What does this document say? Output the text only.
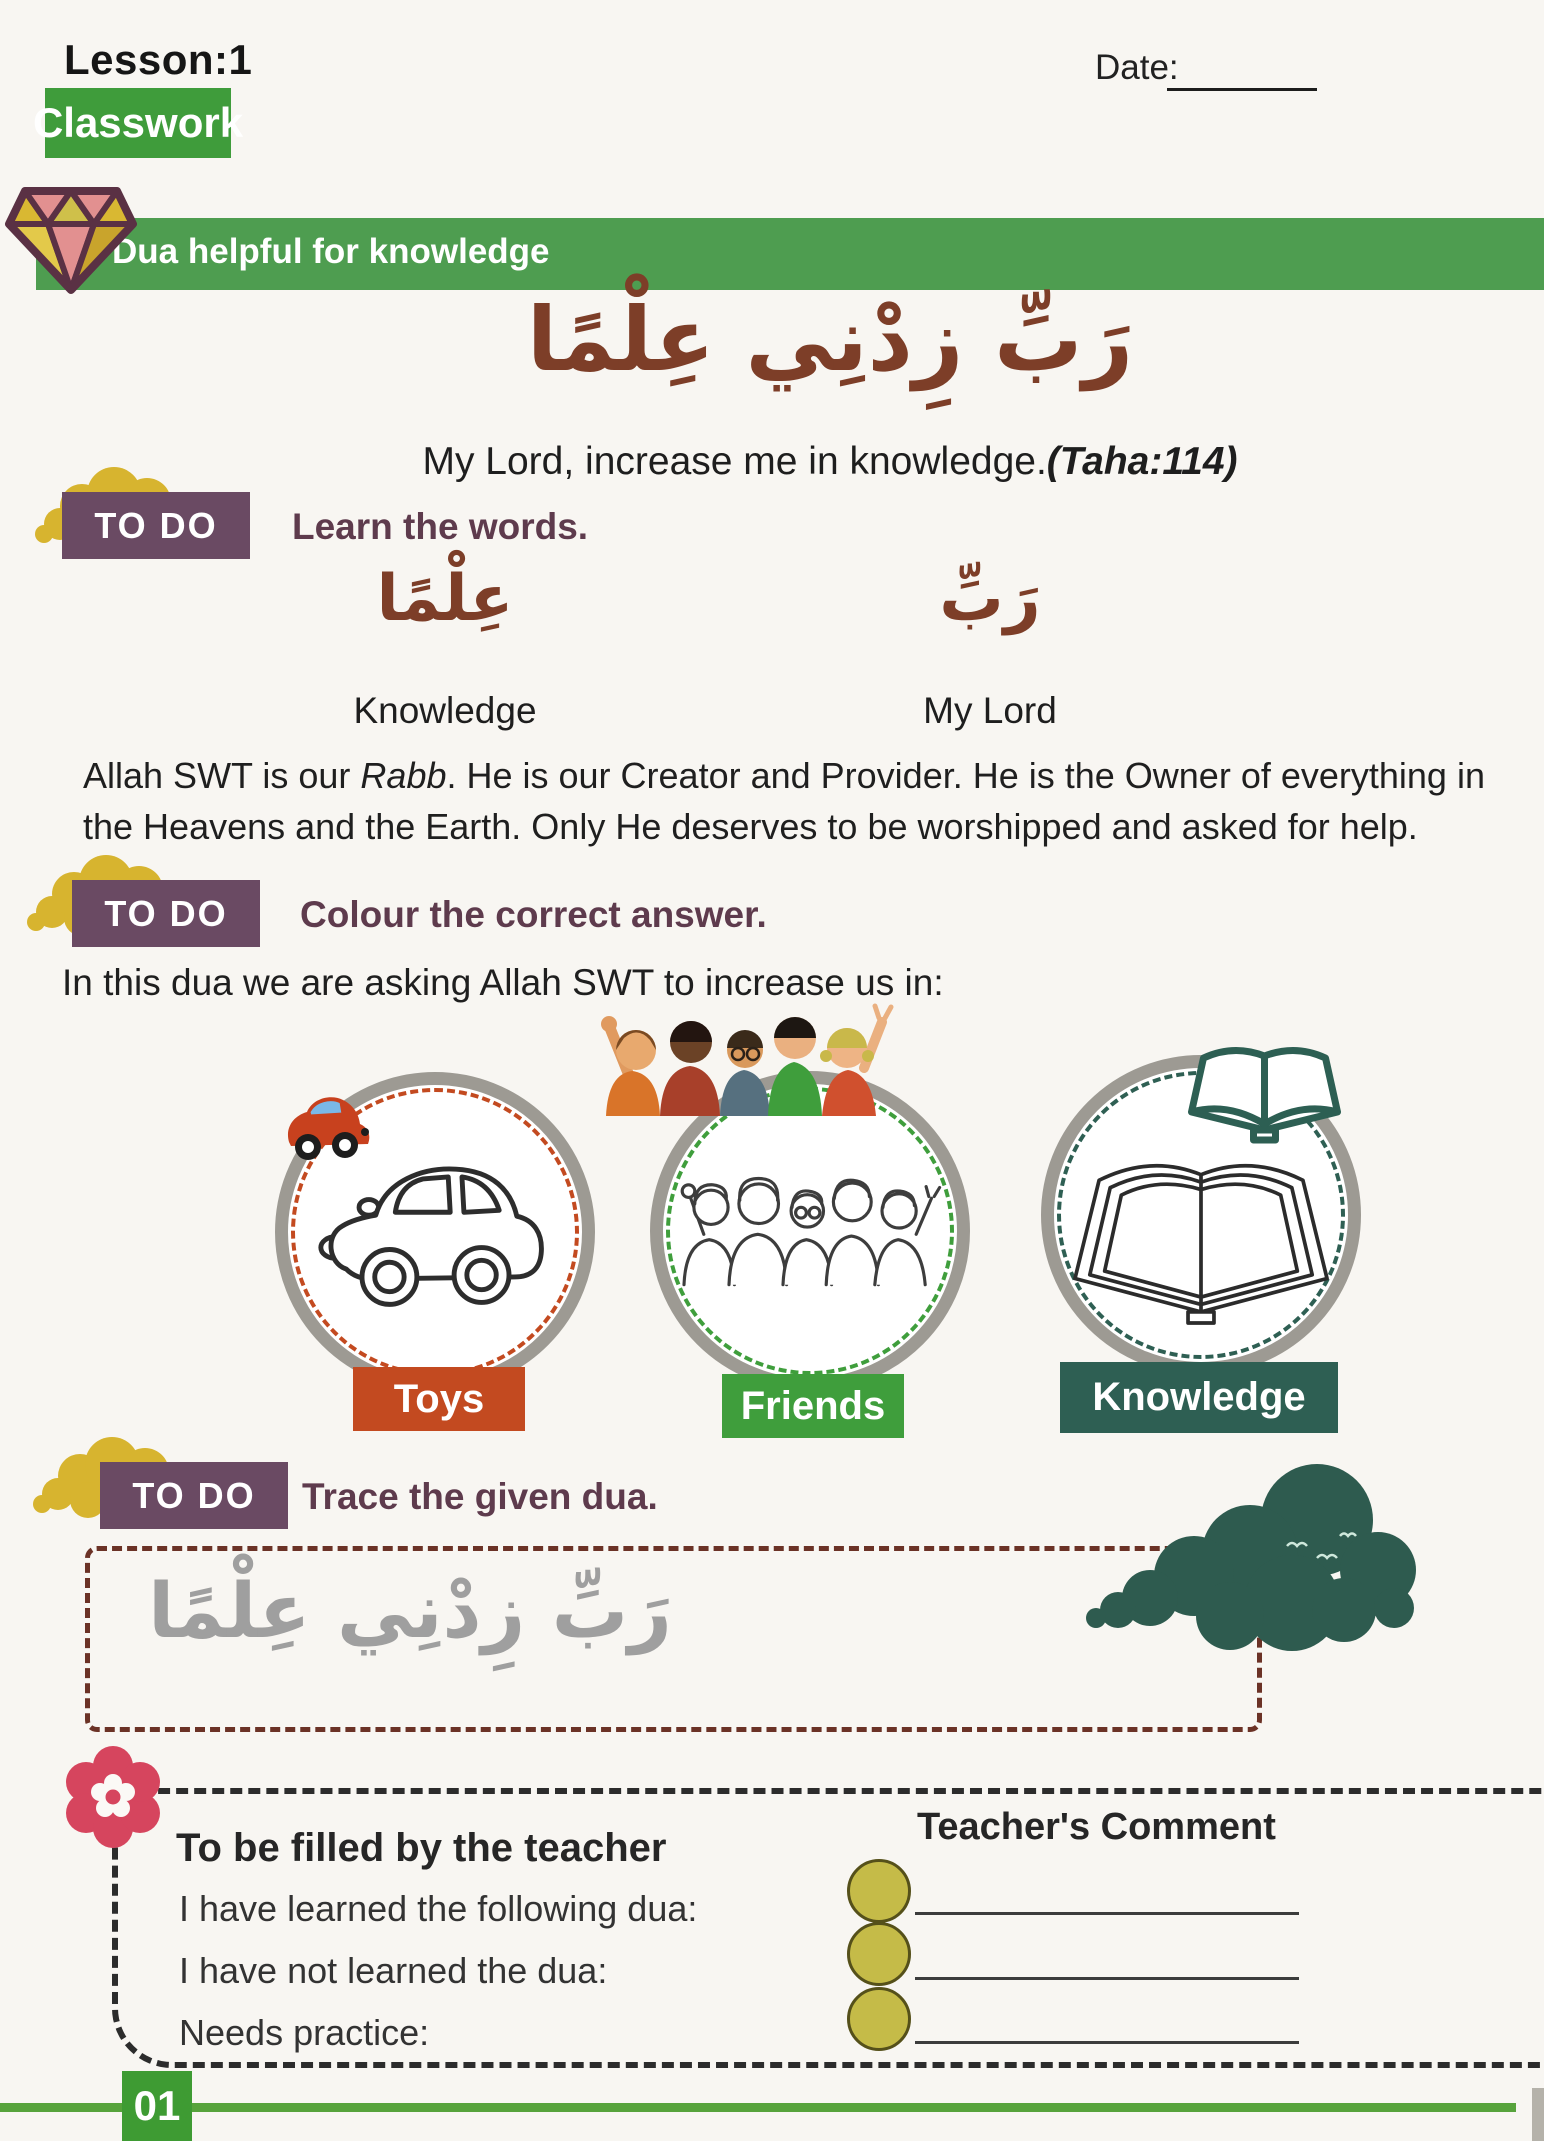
Lesson:1
Classwork
Date:
Dua helpful for knowledge
رَبِّ زِدْنِي عِلْمًا
My Lord, increase me in knowledge.(Taha:114)
TO DO Learn the words.
عِلْمًا
Knowledge
رَبِّ
My Lord
Allah SWT is our Rabb. He is our Creator and Provider. He is the Owner of everything in the Heavens and the Earth. Only He deserves to be worshipped and asked for help.
TO DO Colour the correct answer.
In this dua we are asking Allah SWT to increase us in:
Toys	Friends	Knowledge
TO DO Trace the given dua.
رَبِّ زِدْنِي عِلْمًا
To be filled by the teacher
I have learned the following dua:
I have not learned the dua:
Needs practice:
Teacher's Comment
01
